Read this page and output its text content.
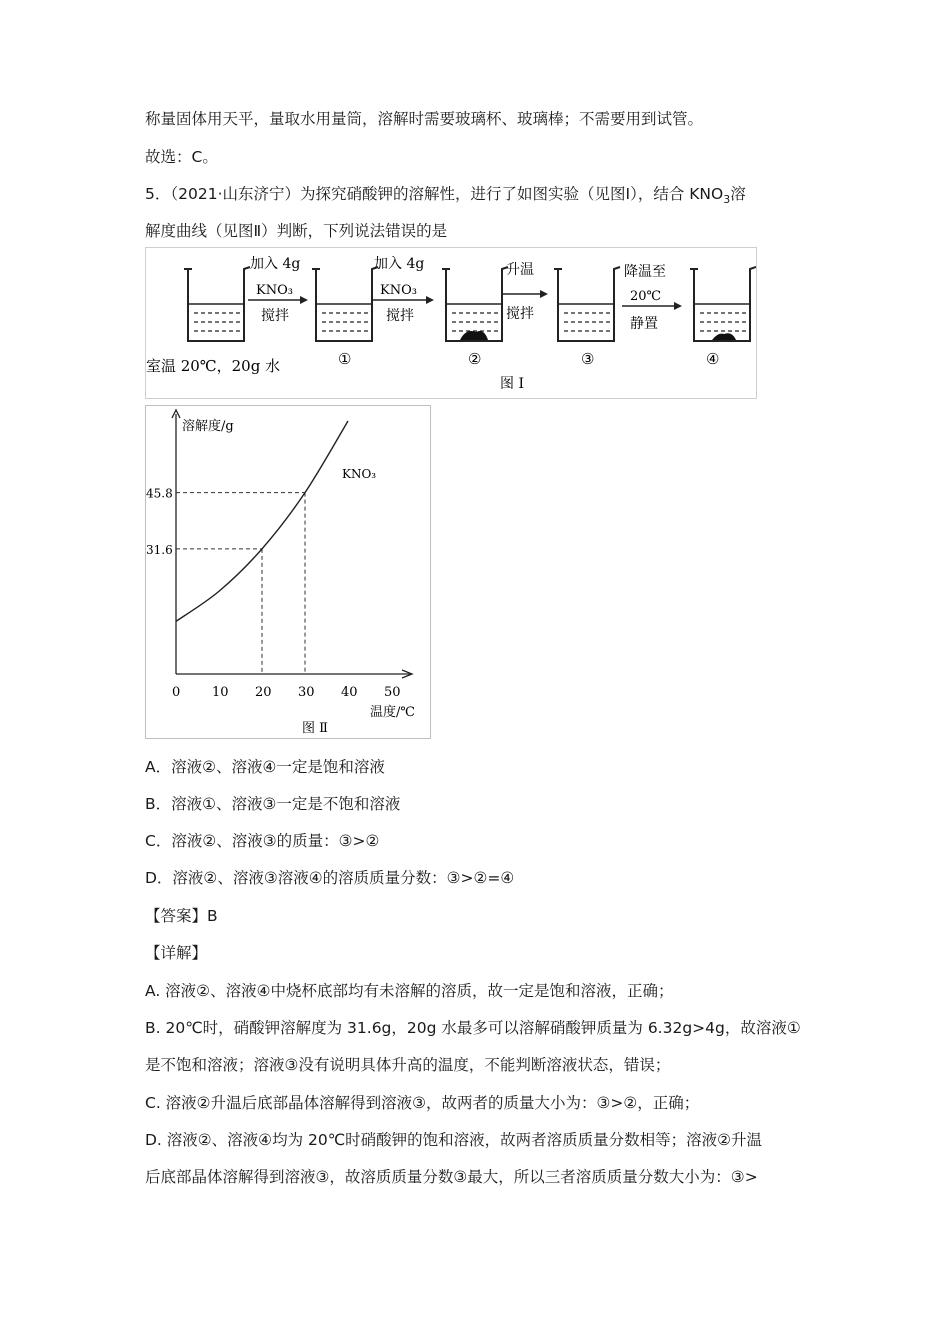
称量固体用天平，量取水用量筒，溶解时需要玻璃杯、玻璃棒；不需要用到试管。
故选：C。
5．（2021·山东济宁）为探究硝酸钾的溶解性，进行了如图实验（见图Ⅰ），结合 $KNO_3$溶
解度曲线（见图Ⅱ）判断，下列说法错误的是
加入 4g
KNO₃
搅拌
加入 4g
KNO₃
搅拌
升温
搅拌
降温至
20℃
静置
室温 20℃，20g 水	①	②	③	④
图 Ⅰ
溶解度/g
温度/℃
KNO₃
图 Ⅱ
0 10 20 30 40 50
31.6
45.8
A．溶液②、溶液④一定是饱和溶液
B．溶液①、溶液③一定是不饱和溶液
C．溶液②、溶液③的质量：③>②
D．溶液②、溶液③溶液④的溶质质量分数：③>②=④
【答案】B
【详解】
A. 溶液②、溶液④中烧杯底部均有未溶解的溶质，故一定是饱和溶液，正确；
B. 20℃时，硝酸钾溶解度为 31.6g，20g 水最多可以溶解硝酸钾质量为 6.32g>4g，故溶液①
是不饱和溶液；溶液③没有说明具体升高的温度，不能判断溶液状态，错误；
C. 溶液②升温后底部晶体溶解得到溶液③，故两者的质量大小为：③>②，正确；
D. 溶液②、溶液④均为 20℃时硝酸钾的饱和溶液，故两者溶质质量分数相等；溶液②升温
后底部晶体溶解得到溶液③，故溶质质量分数③最大，所以三者溶质质量分数大小为：③>
